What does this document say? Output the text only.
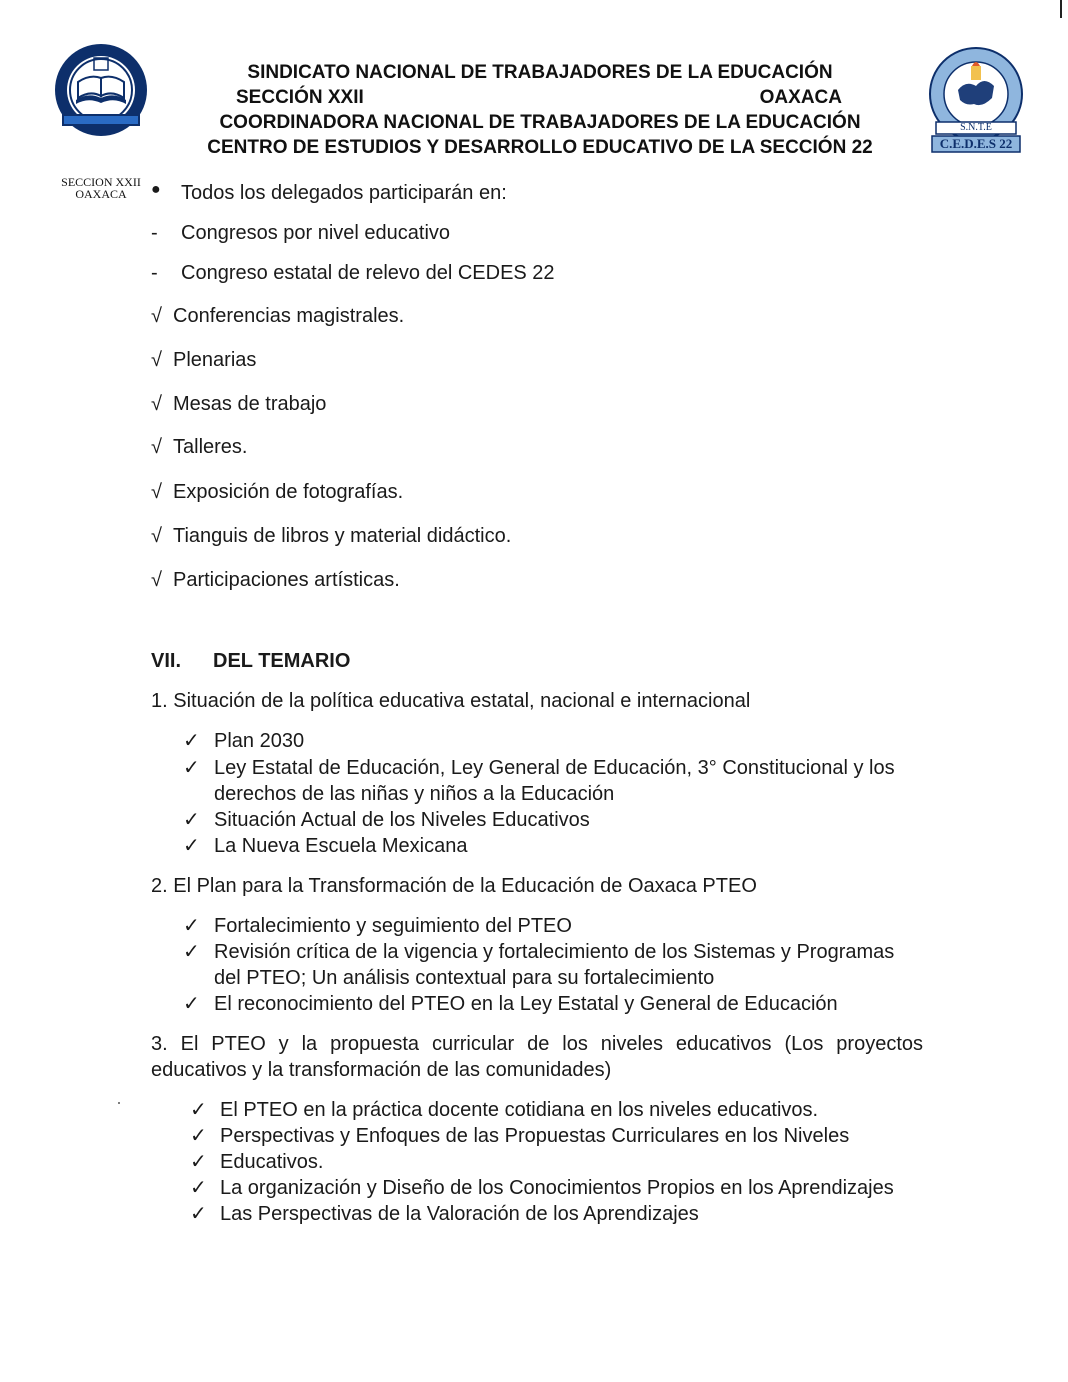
S.N.T.E
SECCION XXII
OAXACA
SINDICATO NACIONAL DE TRABAJADORES DE LA EDUCACIÓN
SECCIÓN XXII	OAXACA
COORDINADORA NACIONAL DE TRABAJADORES DE LA EDUCACIÓN
CENTRO DE ESTUDIOS Y DESARROLLO EDUCATIVO DE LA SECCIÓN 22
S.N.T.E
C.E.D.E.S 22
● Todos los delegados participarán en:
- Congresos por nivel educativo
- Congreso estatal de relevo del CEDES 22
√ Conferencias magistrales.
√ Plenarias
√ Mesas de trabajo
√ Talleres.
√ Exposición de fotografías.
√ Tianguis de libros y material didáctico.
√ Participaciones artísticas.
VII. DEL TEMARIO
1. Situación de la política educativa estatal, nacional e internacional
✓ Plan 2030
✓ Ley Estatal de Educación, Ley General de Educación, 3° Constitucional y los derechos de las niñas y niños a la Educación
✓ Situación Actual de los Niveles Educativos
✓ La Nueva Escuela Mexicana
2. El Plan para la Transformación de la Educación de Oaxaca PTEO
✓ Fortalecimiento y seguimiento del PTEO
✓ Revisión crítica de la vigencia y fortalecimiento de los Sistemas y Programas del PTEO; Un análisis contextual para su fortalecimiento
✓ El reconocimiento del PTEO en la Ley Estatal y General de Educación
3. El PTEO y la propuesta curricular de los niveles educativos (Los proyectos educativos y la transformación de las comunidades)
✓ El PTEO en la práctica docente cotidiana en los niveles educativos.
✓ Perspectivas y Enfoques de las Propuestas Curriculares en los Niveles
✓ Educativos.
✓ La organización y Diseño de los Conocimientos Propios en los Aprendizajes
✓ Las Perspectivas de la Valoración de los Aprendizajes
